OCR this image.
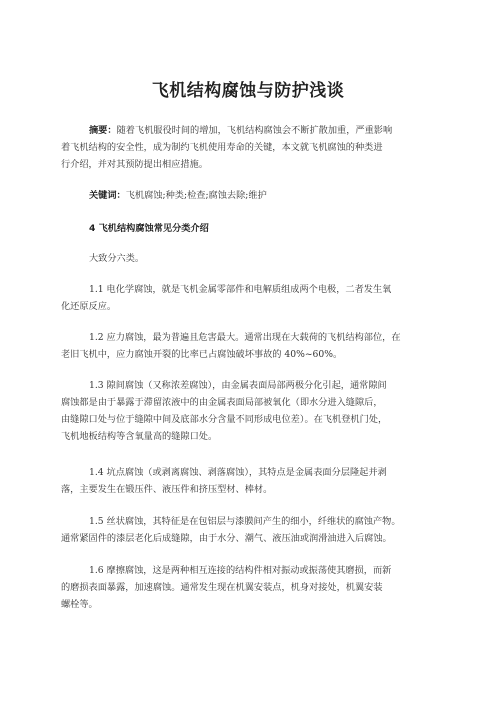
飞机结构腐蚀与防护浅谈
摘要：随着飞机服役时间的增加，飞机结构腐蚀会不断扩散加重，严重影响
着飞机结构的安全性，成为制约飞机使用寿命的关键，本文就飞机腐蚀的种类进
行介绍，并对其预防提出相应措施。
关键词：飞机腐蚀;种类;检查;腐蚀去除;维护
4 飞机结构腐蚀常见分类介绍
大致分六类。
1.1 电化学腐蚀，就是飞机金属零部件和电解质组成两个电极，二者发生氧
化还原反应。
1.2 应力腐蚀，最为普遍且危害最大。通常出现在大载荷的飞机结构部位，在
老旧飞机中，应力腐蚀开裂的比率已占腐蚀破坏事故的 40%~60%。
1.3 隙间腐蚀（又称浓差腐蚀），由金属表面局部两极分化引起，通常隙间
腐蚀都是由于暴露于滞留浓液中的由金属表面局部被氧化（即水分进入缝隙后，
由缝隙口处与位于缝隙中间及底部水分含量不同形成电位差）。在飞机登机门处，
飞机地板结构等含氧量高的缝隙口处。
1.4 坑点腐蚀（或剥离腐蚀、剥落腐蚀），其特点是金属表面分层隆起并剥
落，主要发生在锻压件、液压件和挤压型材、棒材。
1.5 丝状腐蚀，其特征是在包铝层与漆膜间产生的细小，纤维状的腐蚀产物。
通常紧固件的漆层老化后成缝隙，由于水分、潮气、液压油或润滑油进入后腐蚀。
1.6 摩擦腐蚀，这是两种相互连接的结构件相对振动或振荡使其磨损，而新
的磨损表面暴露，加速腐蚀。通常发生现在机翼安装点，机身对接处，机翼安装
螺栓等。
